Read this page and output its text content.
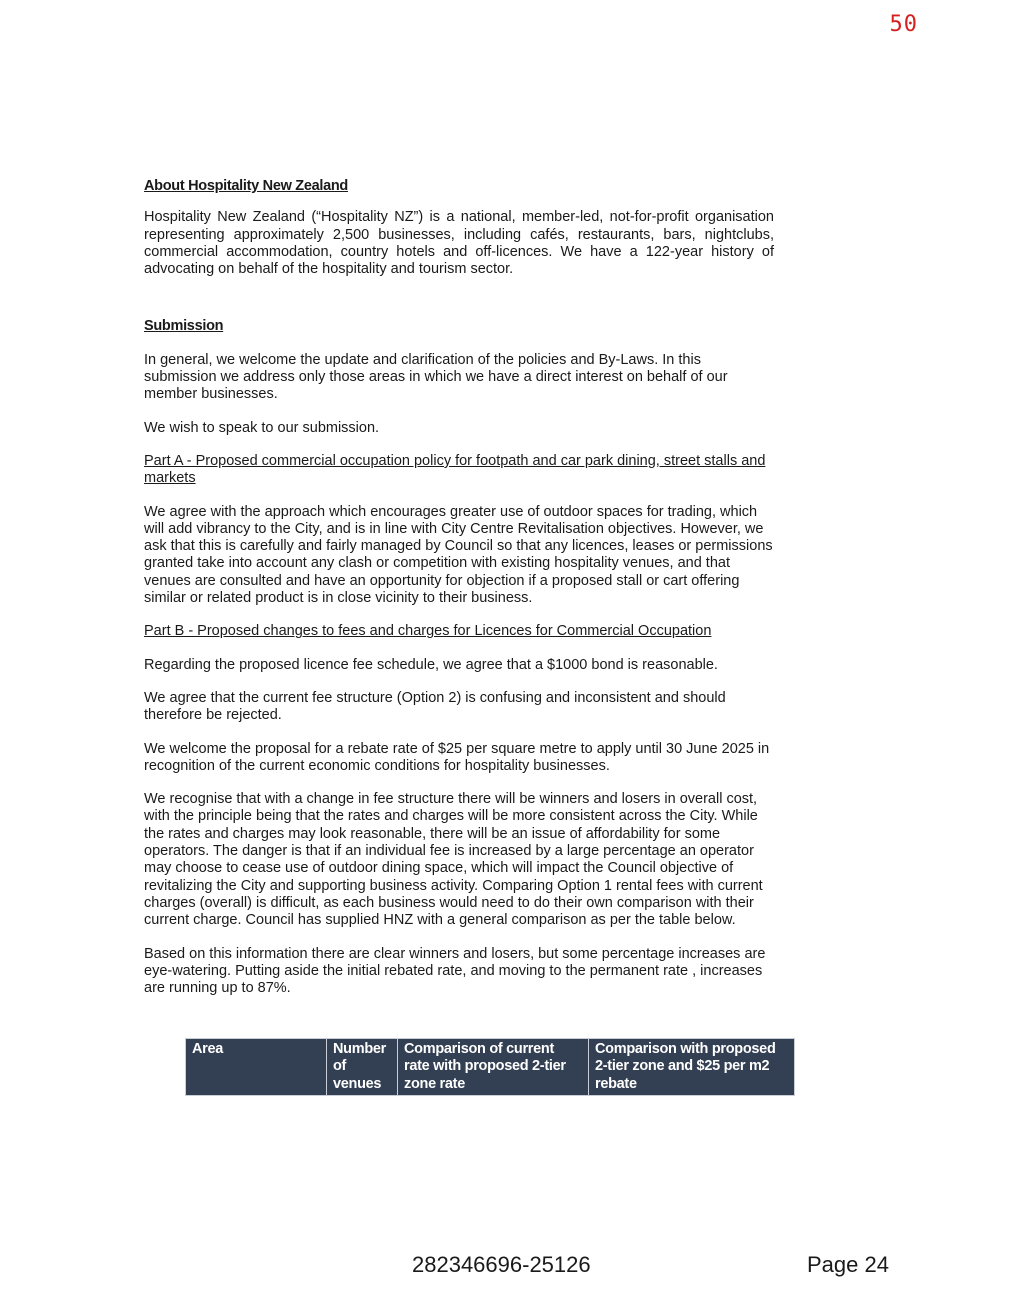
50
About Hospitality New Zealand

Hospitality New Zealand (“Hospitality NZ”) is a national, member-led, not-for-profit organisation representing approximately 2,500 businesses, including cafés, restaurants, bars, nightclubs, commercial accommodation, country hotels and off-licences. We have a 122-year history of advocating on behalf of the hospitality and tourism sector.

Submission

In general, we welcome the update and clarification of the policies and By-Laws. In this submission we address only those areas in which we have a direct interest on behalf of our member businesses.

We wish to speak to our submission.

Part A - Proposed commercial occupation policy for footpath and car park dining, street stalls and markets

We agree with the approach which encourages greater use of outdoor spaces for trading, which will add vibrancy to the City, and is in line with City Centre Revitalisation objectives. However, we ask that this is carefully and fairly managed by Council so that any licences, leases or permissions granted take into account any clash or competition with existing hospitality venues, and that venues are consulted and have an opportunity for objection if a proposed stall or cart offering similar or related product is in close vicinity to their business.

Part B - Proposed changes to fees and charges for Licences for Commercial Occupation

Regarding the proposed licence fee schedule, we agree that a $1000 bond is reasonable.

We agree that the current fee structure (Option 2) is confusing and inconsistent and should therefore be rejected.

We welcome the proposal for a rebate rate of $25 per square metre to apply until 30 June 2025 in recognition of the current economic conditions for hospitality businesses.

We recognise that with a change in fee structure there will be winners and losers in overall cost, with the principle being that the rates and charges will be more consistent across the City. While the rates and charges may look reasonable, there will be an issue of affordability for some operators. The danger is that if an individual fee is increased by a large percentage an operator may choose to cease use of outdoor dining space, which will impact the Council objective of revitalizing the City and supporting business activity. Comparing Option 1 rental fees with current charges (overall) is difficult, as each business would need to do their own comparison with their current charge. Council has supplied HNZ with a general comparison as per the table below.

Based on this information there are clear winners and losers, but some percentage increases are eye-watering. Putting aside the initial rebated rate, and moving to the permanent rate , increases are running up to 87%.

Area	Number of venues	Comparison of current rate with proposed 2-tier zone rate	Comparison with proposed 2-tier zone and $25 per m2 rebate
282346696-25126	Page 24
